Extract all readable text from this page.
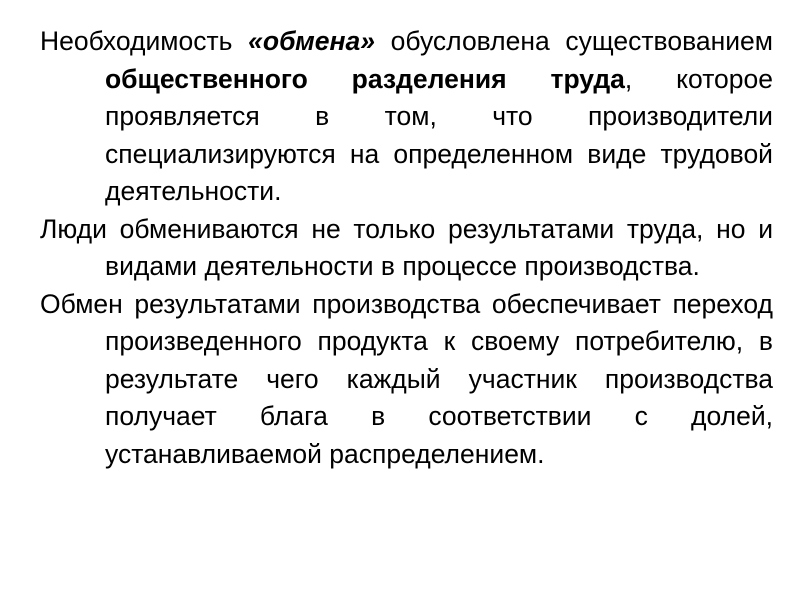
Необходимость «обмена» обусловлена существованием общественного разделения труда, которое проявляется в том, что производители специализируются на определенном виде трудовой деятельности.

Люди обмениваются не только результатами труда, но и видами деятельности в процессе производства.

Обмен результатами производства обеспечивает переход произведенного продукта к своему потребителю, в результате чего каждый участник производства получает блага в соответствии с долей, устанавливаемой распределением.
